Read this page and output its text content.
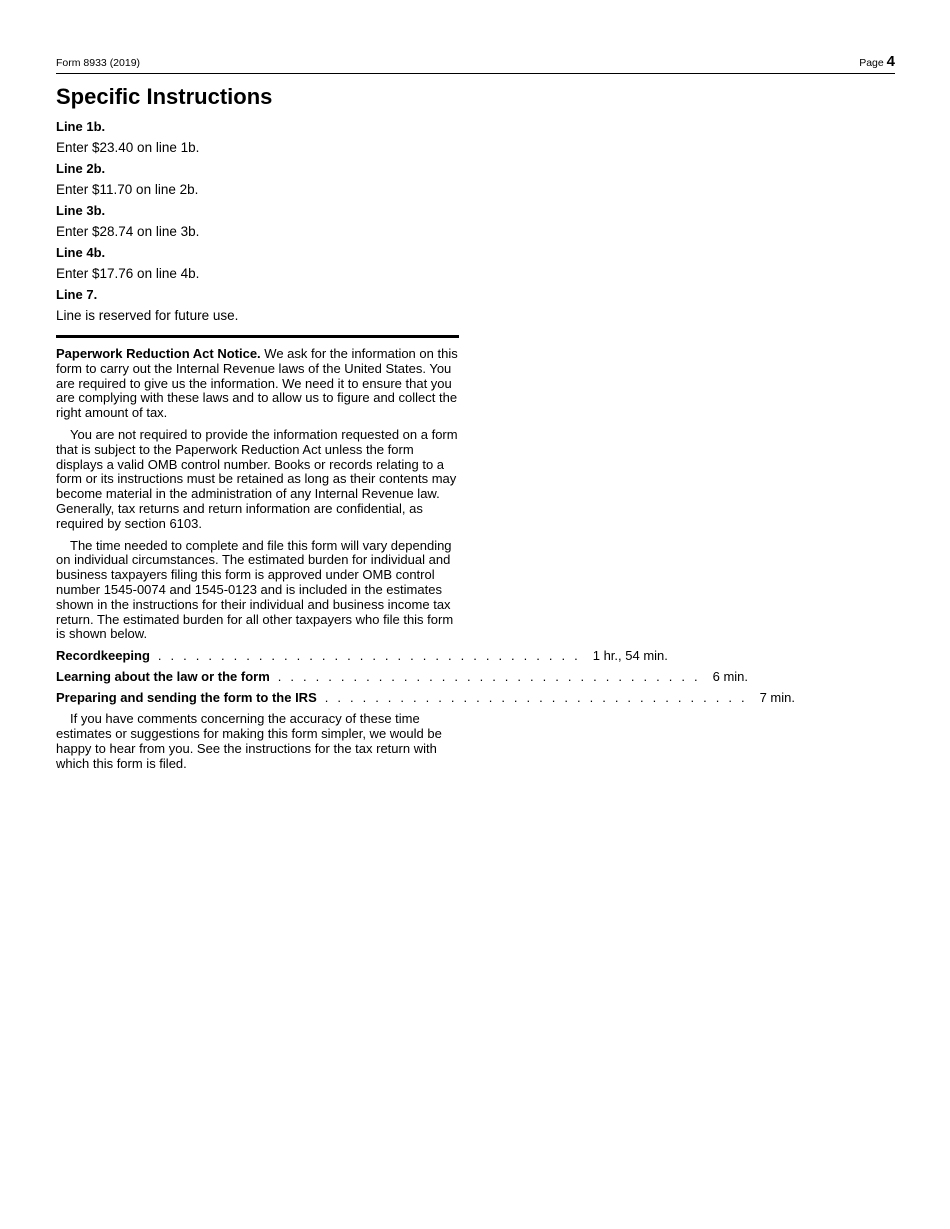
Form 8933 (2019)	Page 4
Specific Instructions
Line 1b.
Enter $23.40 on line 1b.
Line 2b.
Enter $11.70 on line 2b.
Line 3b.
Enter $28.74 on line 3b.
Line 4b.
Enter $17.76 on line 4b.
Line 7.
Line is reserved for future use.

Paperwork Reduction Act Notice. We ask for the information on this form to carry out the Internal Revenue laws of the United States. You are required to give us the information. We need it to ensure that you are complying with these laws and to allow us to figure and collect the right amount of tax.

You are not required to provide the information requested on a form that is subject to the Paperwork Reduction Act unless the form displays a valid OMB control number. Books or records relating to a form or its instructions must be retained as long as their contents may become material in the administration of any Internal Revenue law. Generally, tax returns and return information are confidential, as required by section 6103.

The time needed to complete and file this form will vary depending on individual circumstances. The estimated burden for individual and business taxpayers filing this form is approved under OMB control number 1545-0074 and 1545-0123 and is included in the estimates shown in the instructions for their individual and business income tax return. The estimated burden for all other taxpayers who file this form is shown below.

Recordkeeping .................................. 1 hr., 54 min.
Learning about the law or the form .................................. 6 min.
Preparing and sending the form to the IRS .................................. 7 min.

If you have comments concerning the accuracy of these time estimates or suggestions for making this form simpler, we would be happy to hear from you. See the instructions for the tax return with which this form is filed.
